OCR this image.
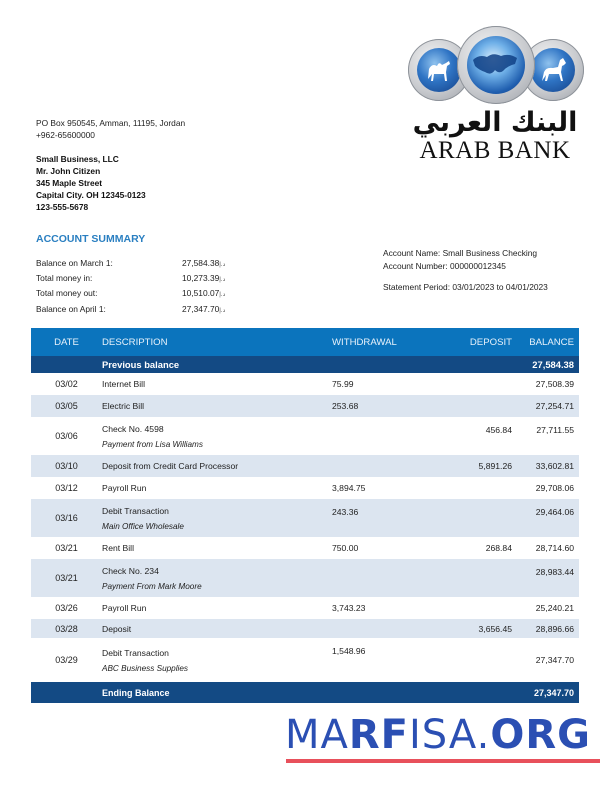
البنك العربي
ARAB BANK
PO Box 950545, Amman, 11195, Jordan
+962-65600000
Small Business, LLC
Mr. John Citizen
345 Maple Street
Capital City. OH 12345-0123
123-555-5678
ACCOUNT SUMMARY
Balance on March 1:	د.إ27,584.38
Total money in:	د.إ10,273.39
Total money out:	د.إ10,510.07
Balance on April 1:	د.إ27,347.70
Account Name: Small Business Checking
Account Number: 000000012345
Statement Period: 03/01/2023 to 04/01/2023
DATE	DESCRIPTION	WITHDRAWAL	DEPOSIT	BALANCE
	Previous balance			27,584.38
03/02	Internet Bill	75.99		27,508.39
03/05	Electric Bill	253.68		27,254.71
03/06	Check No. 4598
Payment from Lisa Williams		456.84	27,711.55
03/10	Deposit from Credit Card Processor		5,891.26	33,602.81
03/12	Payroll Run	3,894.75		29,708.06
03/16	Debit Transaction
Main Office Wholesale	243.36		29,464.06
03/21	Rent Bill	750.00	268.84	28,714.60
03/21	Check No. 234
Payment From Mark Moore			28,983.44
03/26	Payroll Run	3,743.23		25,240.21
03/28	Deposit		3,656.45	28,896.66
03/29	Debit Transaction
ABC Business Supplies	1,548.96		27,347.70
	Ending Balance			27,347.70
MARFISA.ORG
